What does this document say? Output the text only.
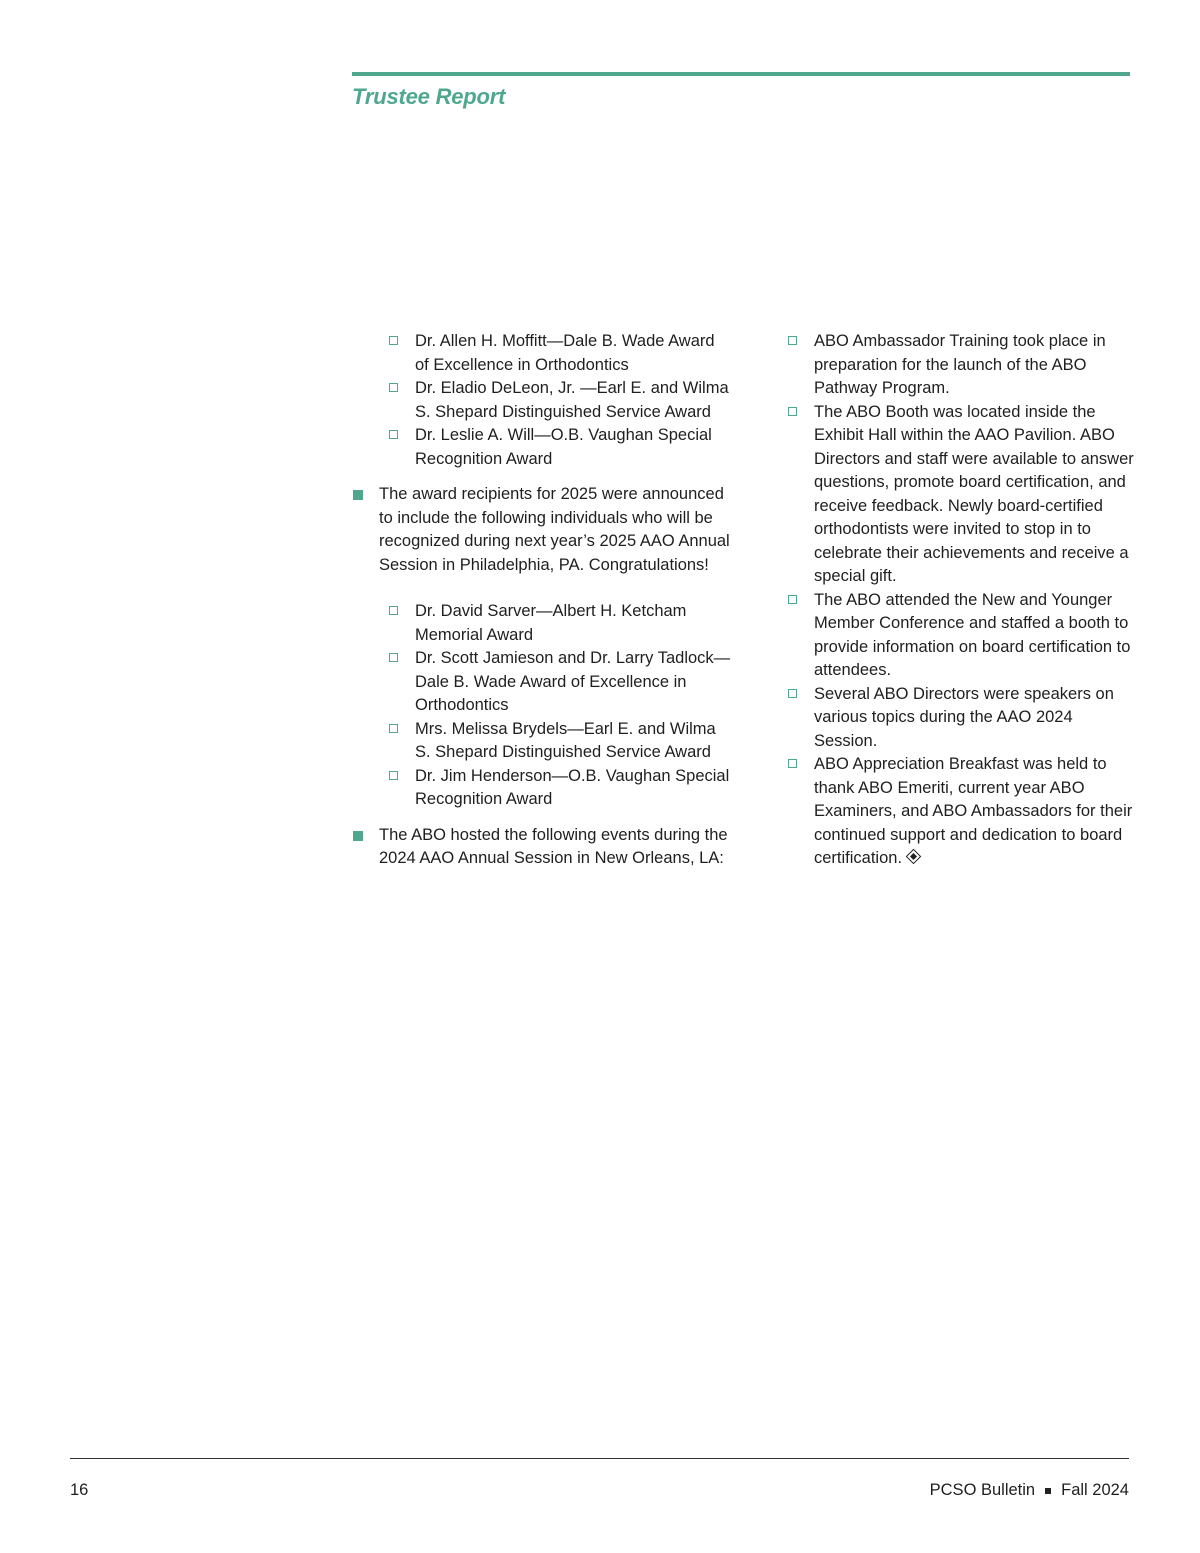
Trustee Report
Dr. Allen H. Moffitt—Dale B. Wade Award of Excellence in Orthodontics
Dr. Eladio DeLeon, Jr. —Earl E. and Wilma S. Shepard Distinguished Service Award
Dr. Leslie A. Will—O.B. Vaughan Special Recognition Award
The award recipients for 2025 were announced to include the following individuals who will be recognized during next year’s 2025 AAO Annual Session in Philadelphia, PA. Congratulations!
Dr. David Sarver—Albert H. Ketcham Memorial Award
Dr. Scott Jamieson and Dr. Larry Tadlock—Dale B. Wade Award of Excellence in Orthodontics
Mrs. Melissa Brydels—Earl E. and Wilma S. Shepard Distinguished Service Award
Dr. Jim Henderson—O.B. Vaughan Special Recognition Award
The ABO hosted the following events during the 2024 AAO Annual Session in New Orleans, LA:
ABO Ambassador Training took place in preparation for the launch of the ABO Pathway Program.
The ABO Booth was located inside the Exhibit Hall within the AAO Pavilion. ABO Directors and staff were available to answer questions, promote board certification, and receive feedback. Newly board-certified orthodontists were invited to stop in to celebrate their achievements and receive a special gift.
The ABO attended the New and Younger Member Conference and staffed a booth to provide information on board certification to attendees.
Several ABO Directors were speakers on various topics during the AAO 2024 Session.
ABO Appreciation Breakfast was held to thank ABO Emeriti, current year ABO Examiners, and ABO Ambassadors for their continued support and dedication to board certification.
16	PCSO Bulletin Fall 2024
